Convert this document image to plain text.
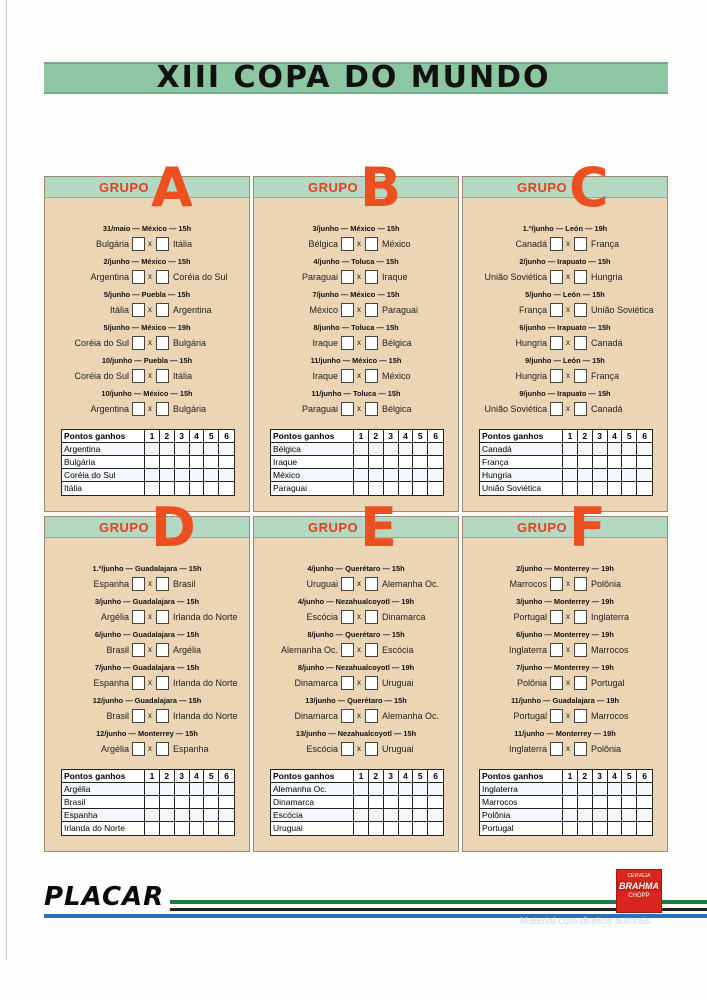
XIII COPA DO MUNDO
GRUPO A
31/maio — México — 15h
Bulgária x Itália
2/junho — México — 15h
Argentina x Coréia do Sul
5/junho — Puebla — 15h
Itália x Argentina
5/junho — México — 19h
Coréia do Sul x Bulgária
10/junho — Puebla — 15h
Coréia do Sul x Itália
10/junho — México — 15h
Argentina x Bulgária
Pontos ganhos	1	2	3	4	5	6
Argentina
Bulgária
Coréia do Sul
Itália
GRUPO B
3/junho — México — 15h
Bélgica x México
4/junho — Toluca — 15h
Paraguai x Iraque
7/junho — México — 15h
México x Paraguai
8/junho — Toluca — 15h
Iraque x Bélgica
11/junho — México — 15h
Iraque x México
11/junho — Toluca — 15h
Paraguai x Bélgica
Pontos ganhos	1	2	3	4	5	6
Bélgica
Iraque
México
Paraguai
GRUPO C
1.º/junho — León — 19h
Canadá x França
2/junho — Irapuato — 15h
União Soviética x Hungria
5/junho — León — 15h
França x União Soviética
6/junho — Irapuato — 15h
Hungria x Canadá
9/junho — León — 15h
Hungria x França
9/junho — Irapuato — 15h
União Soviética x Canadá
Pontos ganhos	1	2	3	4	5	6
Canadá
França
Hungria
União Soviética
GRUPO D
1.º/junho — Guadalajara — 15h
Espanha x Brasil
3/junho — Guadalajara — 15h
Argélia x Irlanda do Norte
6/junho — Guadalajara — 15h
Brasil x Argélia
7/junho — Guadalajara — 15h
Espanha x Irlanda do Norte
12/junho — Guadalajara — 15h
Brasil x Irlanda do Norte
12/junho — Monterrey — 15h
Argélia x Espanha
Pontos ganhos	1	2	3	4	5	6
Argélia
Brasil
Espanha
Irlanda do Norte
GRUPO E
4/junho — Querétaro — 15h
Uruguai x Alemanha Oc.
4/junho — Nezahualcoyotl — 19h
Escócia x Dinamarca
8/junho — Querétaro — 15h
Alemanha Oc. x Escócia
8/junho — Nezahualcoyotl — 19h
Dinamarca x Uruguai
13/junho — Querétaro — 15h
Dinamarca x Alemanha Oc.
13/junho — Nezahualcoyotl — 15h
Escócia x Uruguai
Pontos ganhos	1	2	3	4	5	6
Alemanha Oc.
Dinamarca
Escócia
Uruguai
GRUPO F
2/junho — Monterrey — 19h
Marrocos x Polônia
3/junho — Monterrey — 19h
Portugal x Inglaterra
6/junho — Monterrey — 19h
Inglaterra x Marrocos
7/junho — Monterrey — 19h
Polônia x Portugal
11/junho — Guadalajara — 19h
Portugal x Marrocos
11/junho — Monterrey — 19h
Inglaterra x Polônia
Pontos ganhos	1	2	3	4	5	6
Inglaterra
Marrocos
Polônia
Portugal
PLACAR
CERVEJA
BRAHMA
CHOPP
Material com direitos autorais
